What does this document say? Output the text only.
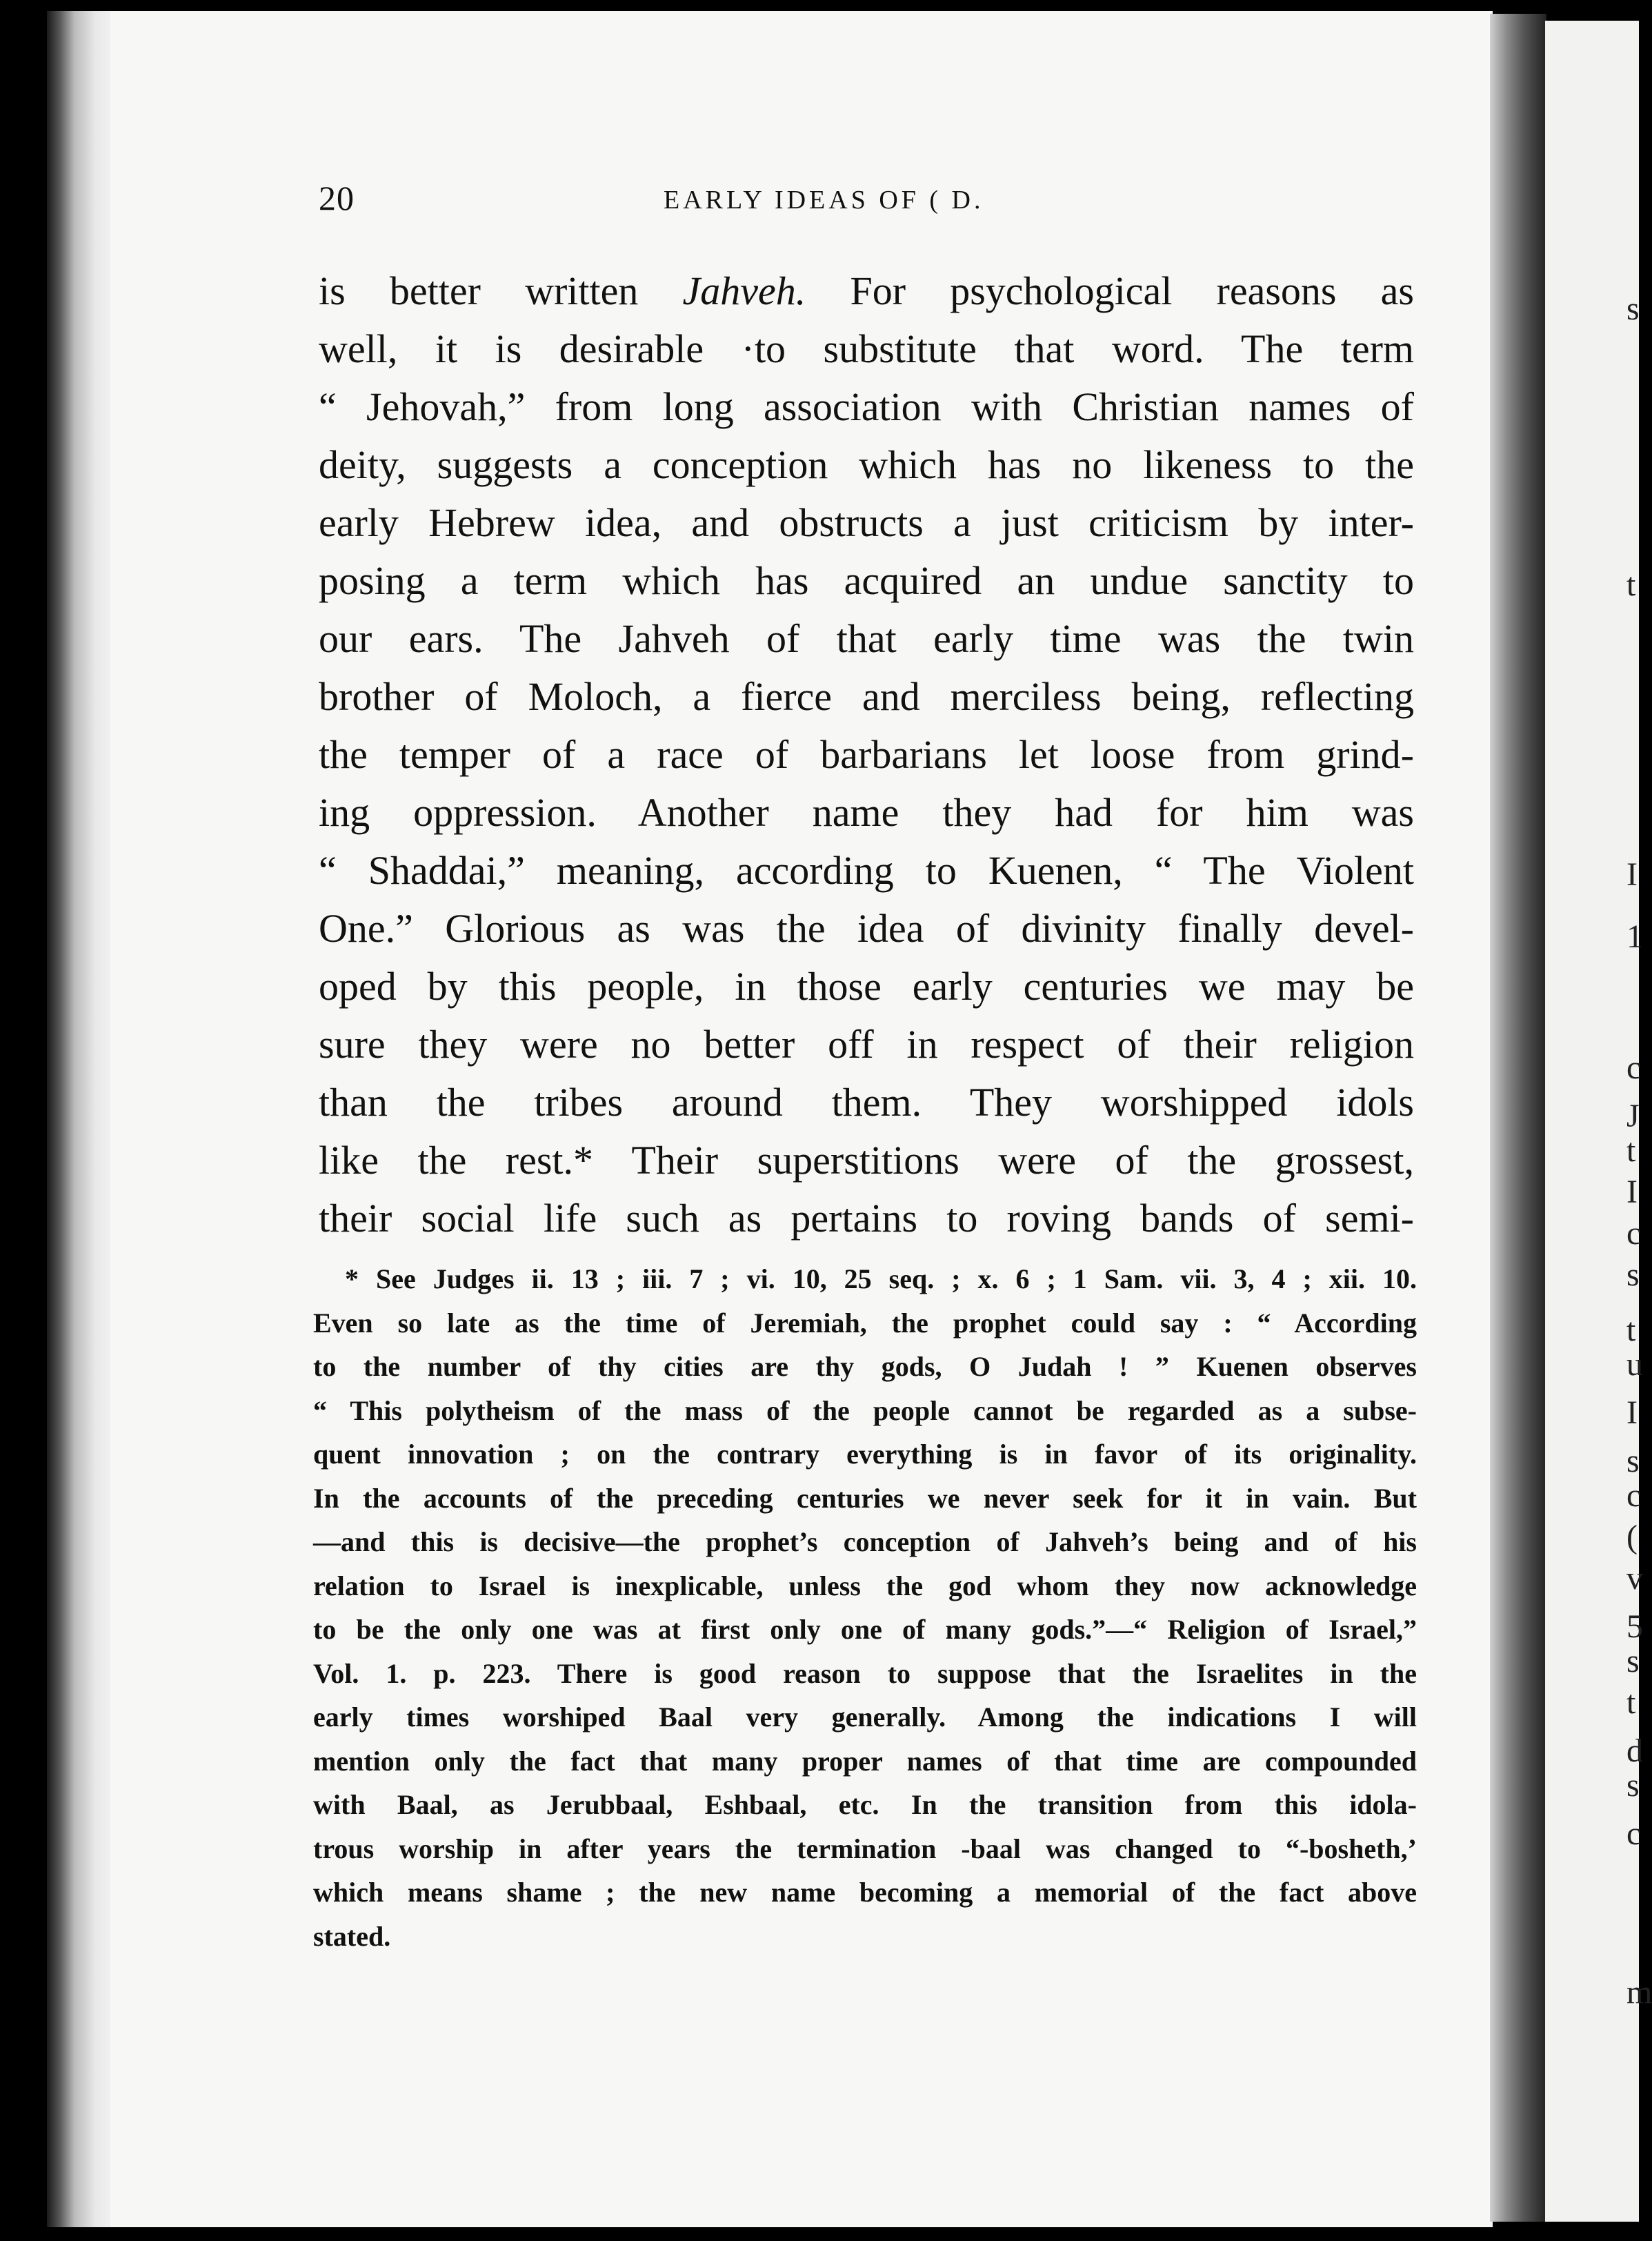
s
t
I
1
c
J
t
I
c
s
t
u
I
s
c
(
v
5
s
t
d
s
c
m
20	EARLY IDEAS OF ( D.
is better written Jahveh. For psychological reasons as
well, it is desirable ·to substitute that word. The term
“ Jehovah,” from long association with Christian names of
deity, suggests a conception which has no likeness to the
early Hebrew idea, and obstructs a just criticism by inter-
posing a term which has acquired an undue sanctity to
our ears. The Jahveh of that early time was the twin
brother of Moloch, a fierce and merciless being, reflecting
the temper of a race of barbarians let loose from grind-
ing oppression. Another name they had for him was
“ Shaddai,” meaning, according to Kuenen, “ The Violent
One.” Glorious as was the idea of divinity finally devel-
oped by this people, in those early centuries we may be
sure they were no better off in respect of their religion
than the tribes around them. They worshipped idols
like the rest.* Their superstitions were of the grossest,
their social life such as pertains to roving bands of semi-
* See Judges ii. 13 ; iii. 7 ; vi. 10, 25 seq. ; x. 6 ; 1 Sam. vii. 3, 4 ; xii. 10.
Even so late as the time of Jeremiah, the prophet could say : “ According
to the number of thy cities are thy gods, O Judah ! ” Kuenen observes
“ This polytheism of the mass of the people cannot be regarded as a subse-
quent innovation ; on the contrary everything is in favor of its originality.
In the accounts of the preceding centuries we never seek for it in vain. But
—and this is decisive—the prophet’s conception of Jahveh’s being and of his
relation to Israel is inexplicable, unless the god whom they now acknowledge
to be the only one was at first only one of many gods.”—“ Religion of Israel,”
Vol. 1. p. 223. There is good reason to suppose that the Israelites in the
early times worshiped Baal very generally. Among the indications I will
mention only the fact that many proper names of that time are compounded
with Baal, as Jerubbaal, Eshbaal, etc. In the transition from this idola-
trous worship in after years the termination -baal was changed to “-bosheth,’
which means shame ; the new name becoming a memorial of the fact above
stated.
